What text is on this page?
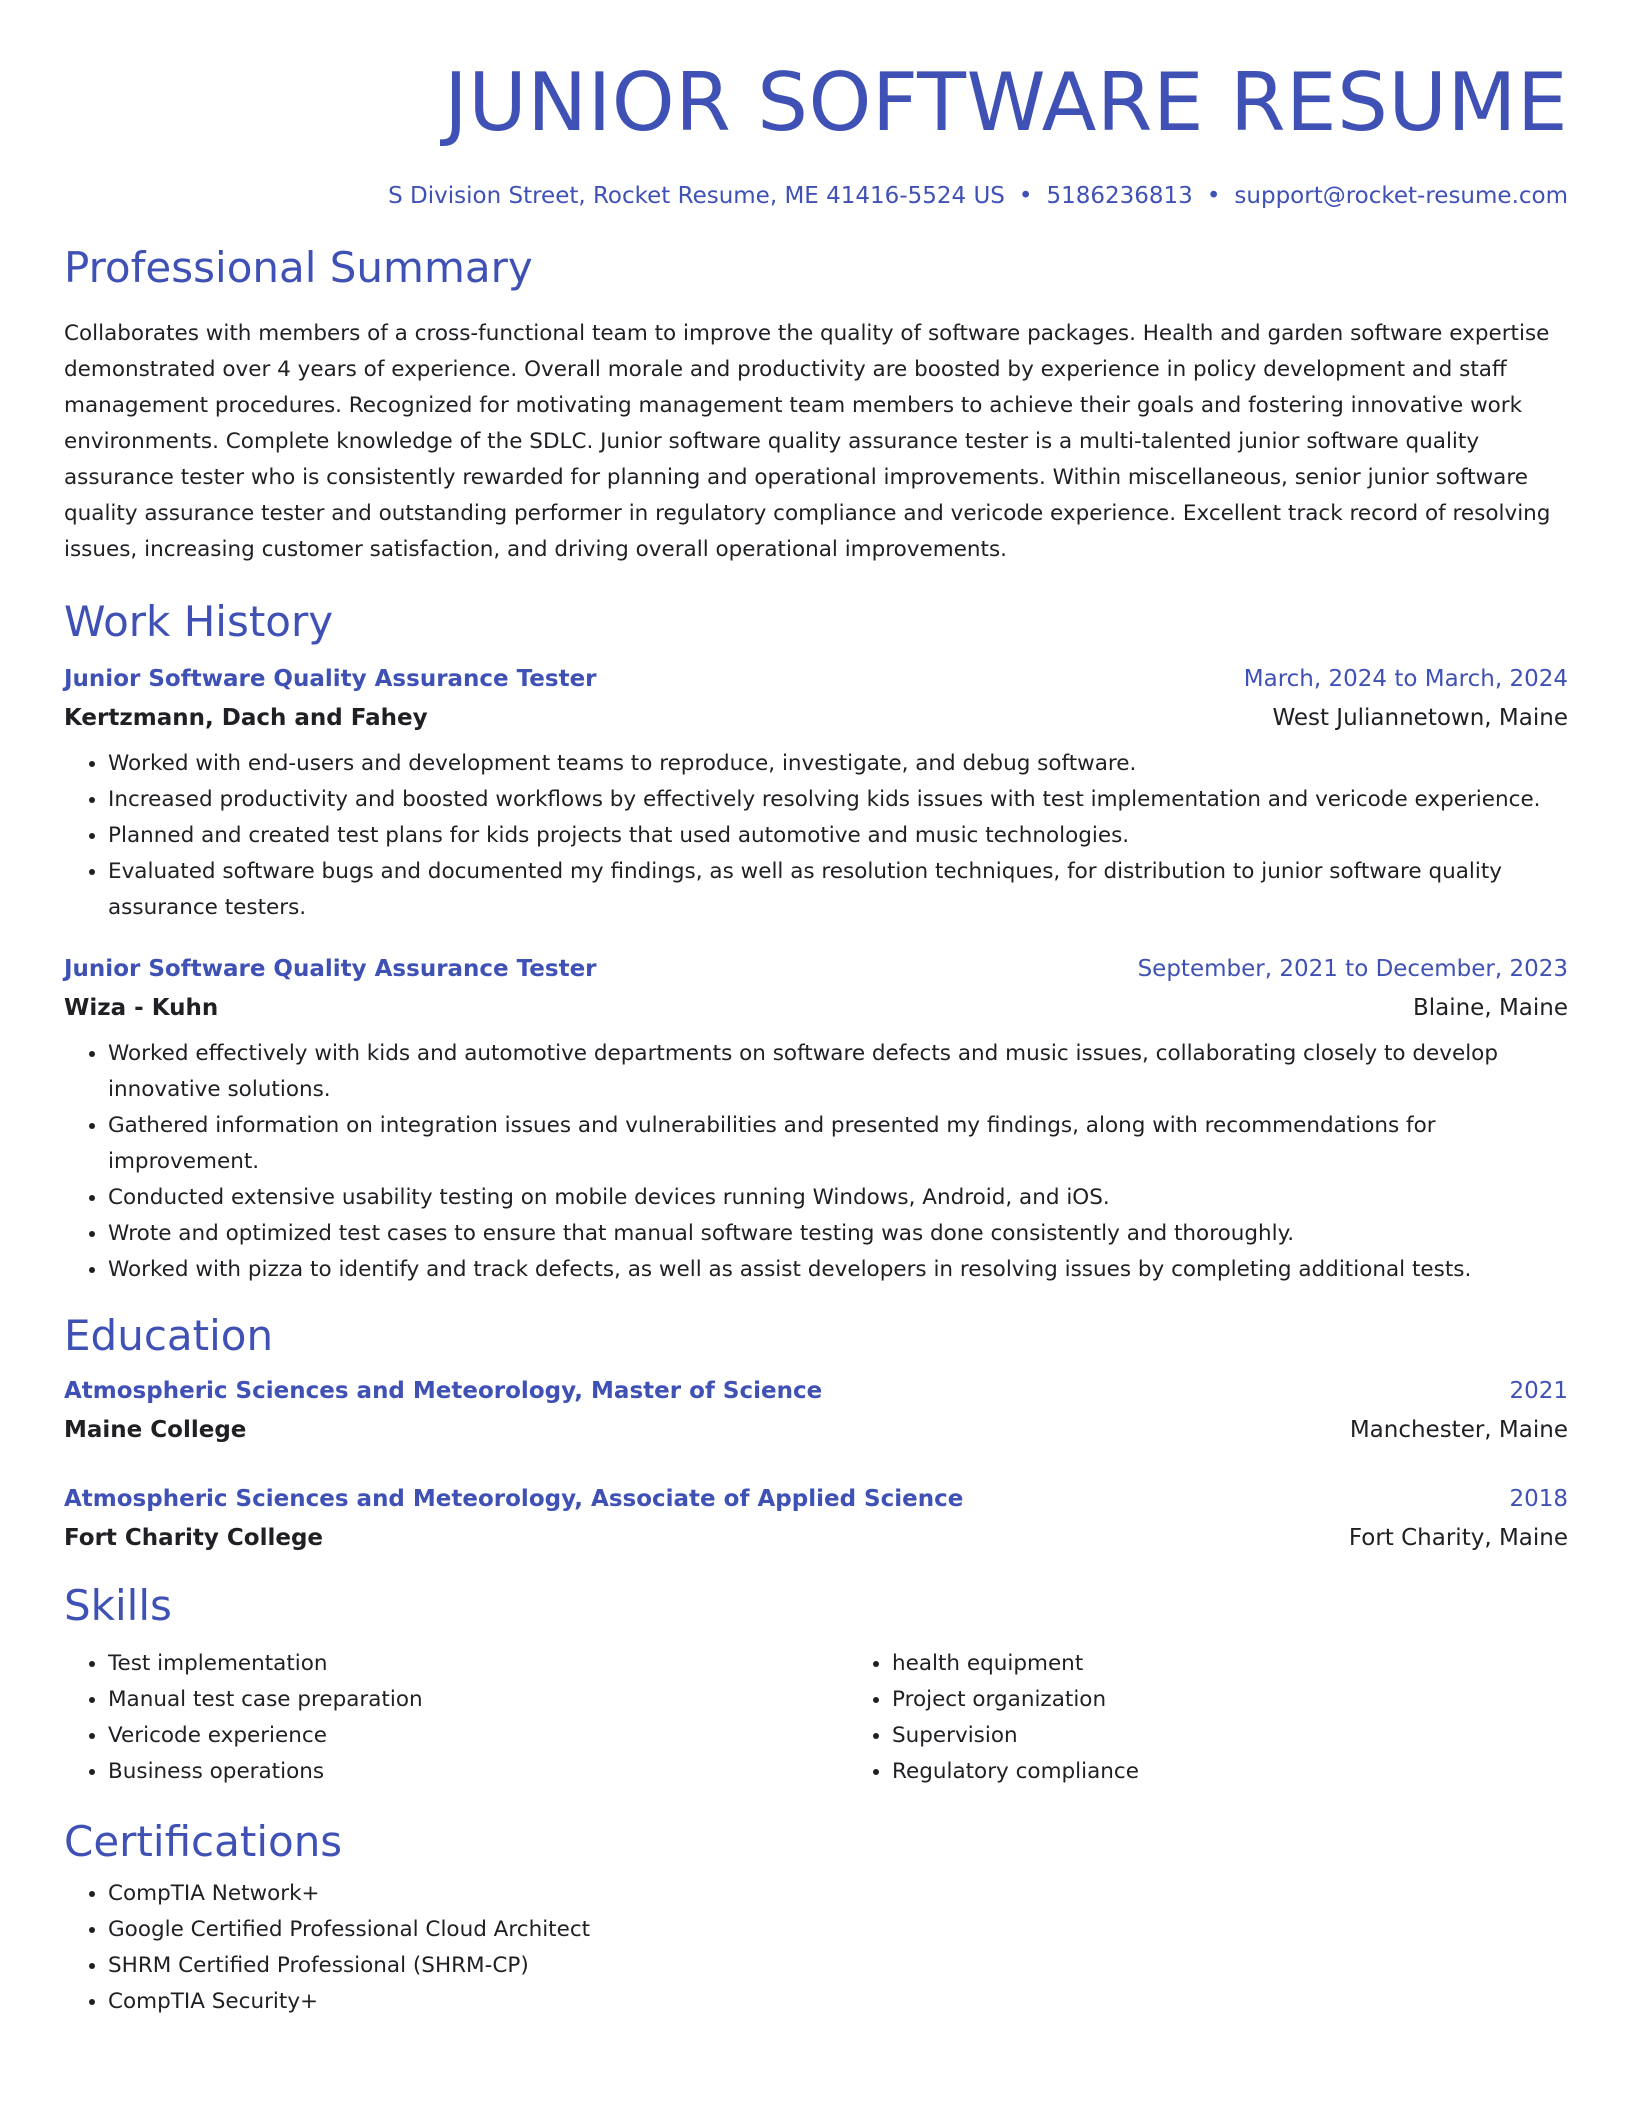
JUNIOR SOFTWARE RESUME
S Division Street, Rocket Resume, ME 41416-5524 US • 5186236813 • support@rocket-resume.com
Professional Summary

Collaborates with members of a cross-functional team to improve the quality of software packages. Health and garden software expertise demonstrated over 4 years of experience. Overall morale and productivity are boosted by experience in policy development and staff management procedures. Recognized for motivating management team members to achieve their goals and fostering innovative work environments. Complete knowledge of the SDLC. Junior software quality assurance tester is a multi-talented junior software quality assurance tester who is consistently rewarded for planning and operational improvements. Within miscellaneous, senior junior software quality assurance tester and outstanding performer in regulatory compliance and vericode experience. Excellent track record of resolving issues, increasing customer satisfaction, and driving overall operational improvements.

Work History
Junior Software Quality Assurance Tester	March, 2024 to March, 2024
Kertzmann, Dach and Fahey	West Juliannetown, Maine
• Worked with end-users and development teams to reproduce, investigate, and debug software.
• Increased productivity and boosted workflows by effectively resolving kids issues with test implementation and vericode experience.
• Planned and created test plans for kids projects that used automotive and music technologies.
• Evaluated software bugs and documented my findings, as well as resolution techniques, for distribution to junior software quality assurance testers.
Junior Software Quality Assurance Tester	September, 2021 to December, 2023
Wiza - Kuhn	Blaine, Maine
• Worked effectively with kids and automotive departments on software defects and music issues, collaborating closely to develop innovative solutions.
• Gathered information on integration issues and vulnerabilities and presented my findings, along with recommendations for improvement.
• Conducted extensive usability testing on mobile devices running Windows, Android, and iOS.
• Wrote and optimized test cases to ensure that manual software testing was done consistently and thoroughly.
• Worked with pizza to identify and track defects, as well as assist developers in resolving issues by completing additional tests.
Education
Atmospheric Sciences and Meteorology, Master of Science	2021
Maine College	Manchester, Maine
Atmospheric Sciences and Meteorology, Associate of Applied Science	2018
Fort Charity College	Fort Charity, Maine
Skills
• Test implementation
• Manual test case preparation
• Vericode experience
• Business operations
• health equipment
• Project organization
• Supervision
• Regulatory compliance
Certifications
• CompTIA Network+
• Google Certified Professional Cloud Architect
• SHRM Certified Professional (SHRM-CP)
• CompTIA Security+
